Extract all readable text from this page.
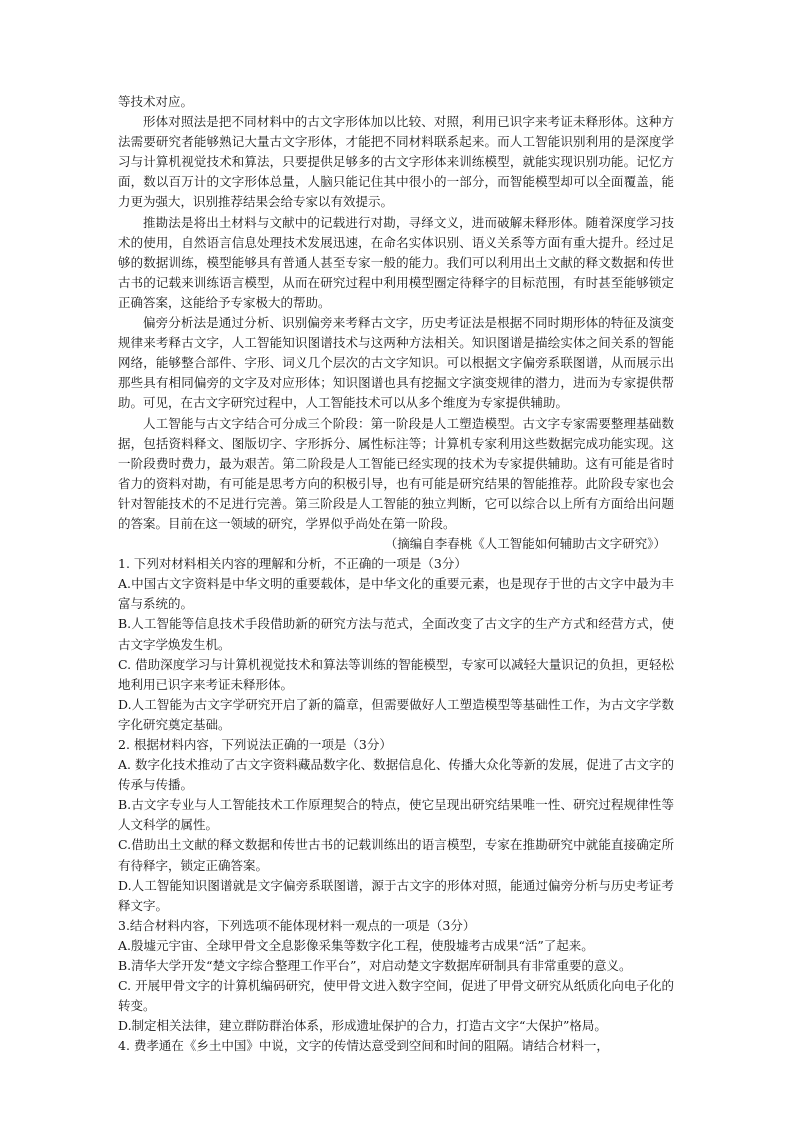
等技术对应。

形体对照法是把不同材料中的古文字形体加以比较、对照，利用已识字来考证未释形体。这种方法需要研究者能够熟记大量古文字形体，才能把不同材料联系起来。而人工智能识别利用的是深度学习与计算机视觉技术和算法，只要提供足够多的古文字形体来训练模型，就能实现识别功能。记忆方面，数以百万计的文字形体总量，人脑只能记住其中很小的一部分，而智能模型却可以全面覆盖，能力更为强大，识别推荐结果会给专家以有效提示。

推勘法是将出土材料与文献中的记载进行对勘，寻绎文义，进而破解未释形体。随着深度学习技术的使用，自然语言信息处理技术发展迅速，在命名实体识别、语义关系等方面有重大提升。经过足够的数据训练，模型能够具有普通人甚至专家一般的能力。我们可以利用出土文献的释文数据和传世古书的记载来训练语言模型，从而在研究过程中利用模型圈定待释字的目标范围，有时甚至能够锁定正确答案，这能给予专家极大的帮助。

偏旁分析法是通过分析、识别偏旁来考释古文字，历史考证法是根据不同时期形体的特征及演变规律来考释古文字，人工智能知识图谱技术与这两种方法相关。知识图谱是描绘实体之间关系的智能网络，能够整合部件、字形、词义几个层次的古文字知识。可以根据文字偏旁系联图谱，从而展示出那些具有相同偏旁的文字及对应形体；知识图谱也具有挖掘文字演变规律的潜力，进而为专家提供帮助。可见，在古文字研究过程中，人工智能技术可以从多个维度为专家提供辅助。

人工智能与古文字结合可分成三个阶段：第一阶段是人工塑造模型。古文字专家需要整理基础数据，包括资料释文、图版切字、字形拆分、属性标注等；计算机专家利用这些数据完成功能实现。这一阶段费时费力，最为艰苦。第二阶段是人工智能已经实现的技术为专家提供辅助。这有可能是省时省力的资料对勘，有可能是思考方向的积极引导，也有可能是研究结果的智能推荐。此阶段专家也会针对智能技术的不足进行完善。第三阶段是人工智能的独立判断，它可以综合以上所有方面给出问题的答案。目前在这一领域的研究，学界似乎尚处在第一阶段。

（摘编自李春桃《人工智能如何辅助古文字研究》）

1. 下列对材料相关内容的理解和分析，不正确的一项是（3分）

A.中国古文字资料是中华文明的重要载体，是中华文化的重要元素，也是现存于世的古文字中最为丰富与系统的。

B.人工智能等信息技术手段借助新的研究方法与范式，全面改变了古文字的生产方式和经营方式，使古文字学焕发生机。

C. 借助深度学习与计算机视觉技术和算法等训练的智能模型，专家可以减轻大量识记的负担，更轻松地利用已识字来考证未释形体。

D.人工智能为古文字学研究开启了新的篇章，但需要做好人工塑造模型等基础性工作，为古文字学数字化研究奠定基础。

2. 根据材料内容，下列说法正确的一项是（3分）

A. 数字化技术推动了古文字资料藏品数字化、数据信息化、传播大众化等新的发展，促进了古文字的传承与传播。

B.古文字专业与人工智能技术工作原理契合的特点，使它呈现出研究结果唯一性、研究过程规律性等人文科学的属性。

C.借助出土文献的释文数据和传世古书的记载训练出的语言模型，专家在推勘研究中就能直接确定所有待释字，锁定正确答案。

D.人工智能知识图谱就是文字偏旁系联图谱，源于古文字的形体对照，能通过偏旁分析与历史考证考释文字。

3.结合材料内容，下列选项不能体现材料一观点的一项是（3分）

A.殷墟元宇宙、全球甲骨文全息影像采集等数字化工程，使殷墟考古成果“活”了起来。

B.清华大学开发“楚文字综合整理工作平台”，对启动楚文字数据库研制具有非常重要的意义。

C. 开展甲骨文字的计算机编码研究，使甲骨文进入数字空间，促进了甲骨文研究从纸质化向电子化的转变。

D.制定相关法律，建立群防群治体系，形成遗址保护的合力，打造古文字“大保护”格局。

4. 费孝通在《乡土中国》中说，文字的传情达意受到空间和时间的阻隔。请结合材料一，
